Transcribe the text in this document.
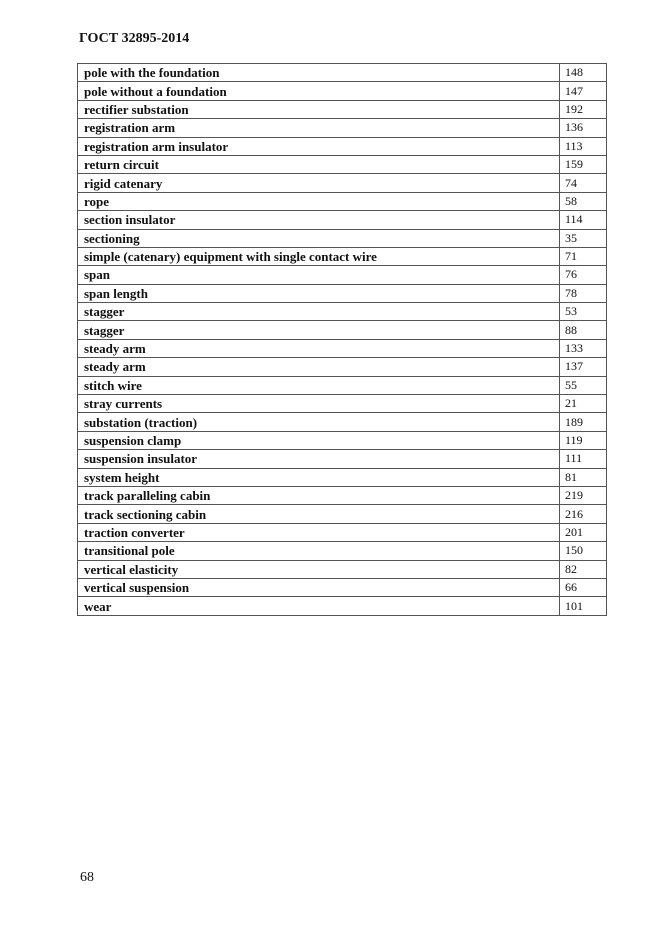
ГОСТ 32895-2014
pole with the foundation	148
pole without a foundation	147
rectifier substation	192
registration arm	136
registration arm insulator	113
return circuit	159
rigid catenary	74
rope	58
section insulator	114
sectioning	35
simple (catenary) equipment with single contact wire	71
span	76
span length	78
stagger	53
stagger	88
steady arm	133
steady arm	137
stitch wire	55
stray currents	21
substation (traction)	189
suspension clamp	119
suspension insulator	111
system height	81
track paralleling cabin	219
track sectioning cabin	216
traction converter	201
transitional pole	150
vertical elasticity	82
vertical suspension	66
wear	101
68
